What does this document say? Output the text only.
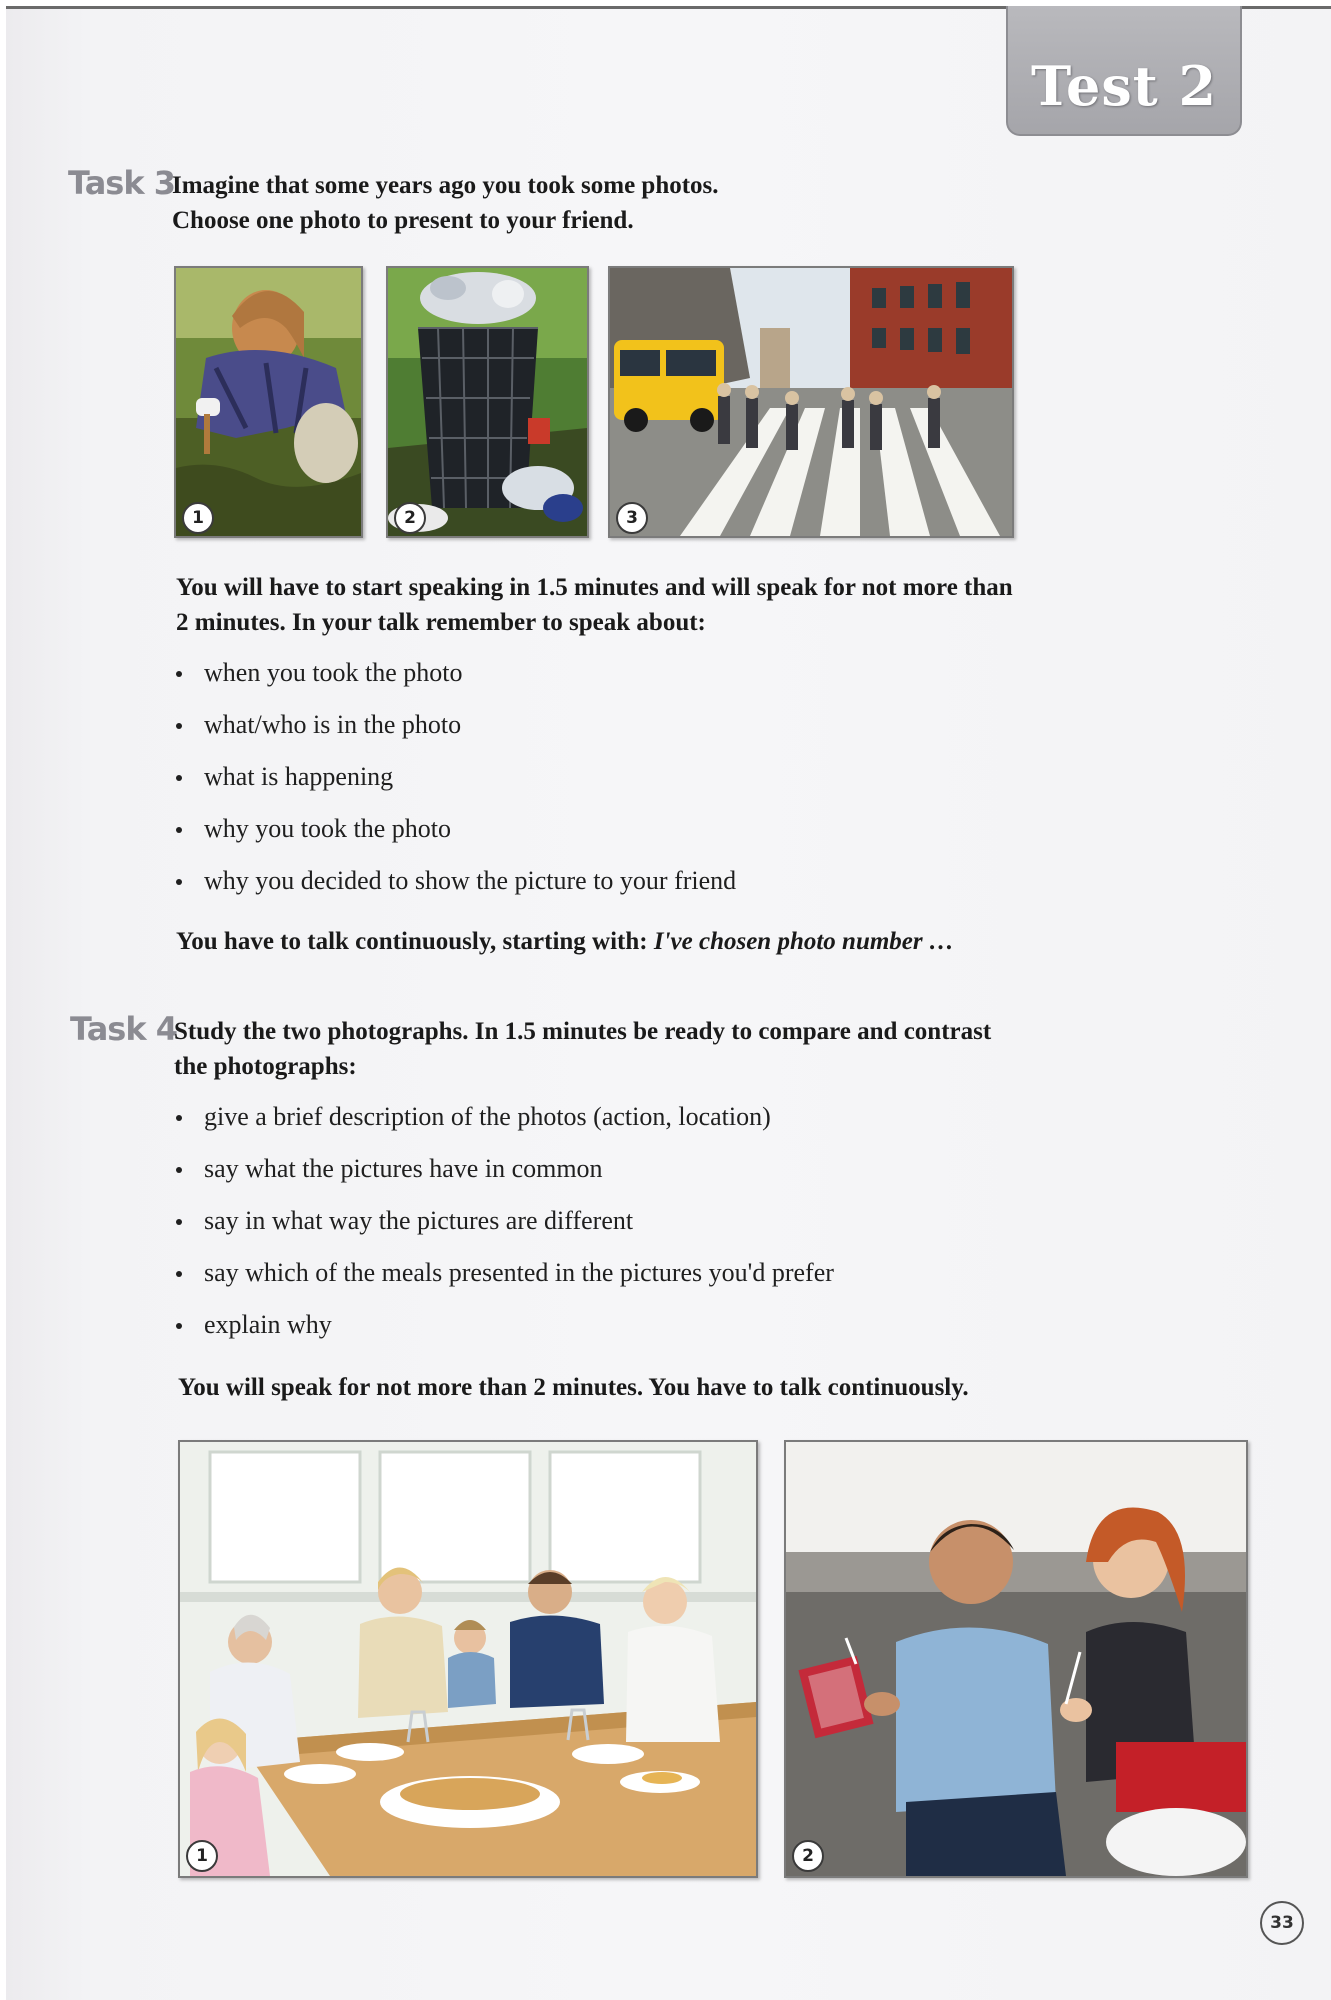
Test 2
Task 3
Imagine that some years ago you took some photos.
Choose one photo to present to your friend.
1	2	3
You will have to start speaking in 1.5 minutes and will speak for not more than
2 minutes. In your talk remember to speak about:
when you took the photo
what/who is in the photo
what is happening
why you took the photo
why you decided to show the picture to your friend
You have to talk continuously, starting with: I've chosen photo number …
Task 4
Study the two photographs. In 1.5 minutes be ready to compare and contrast
the photographs:
give a brief description of the photos (action, location)
say what the pictures have in common
say in what way the pictures are different
say which of the meals presented in the pictures you'd prefer
explain why
You will speak for not more than 2 minutes. You have to talk continuously.
1	2
33
